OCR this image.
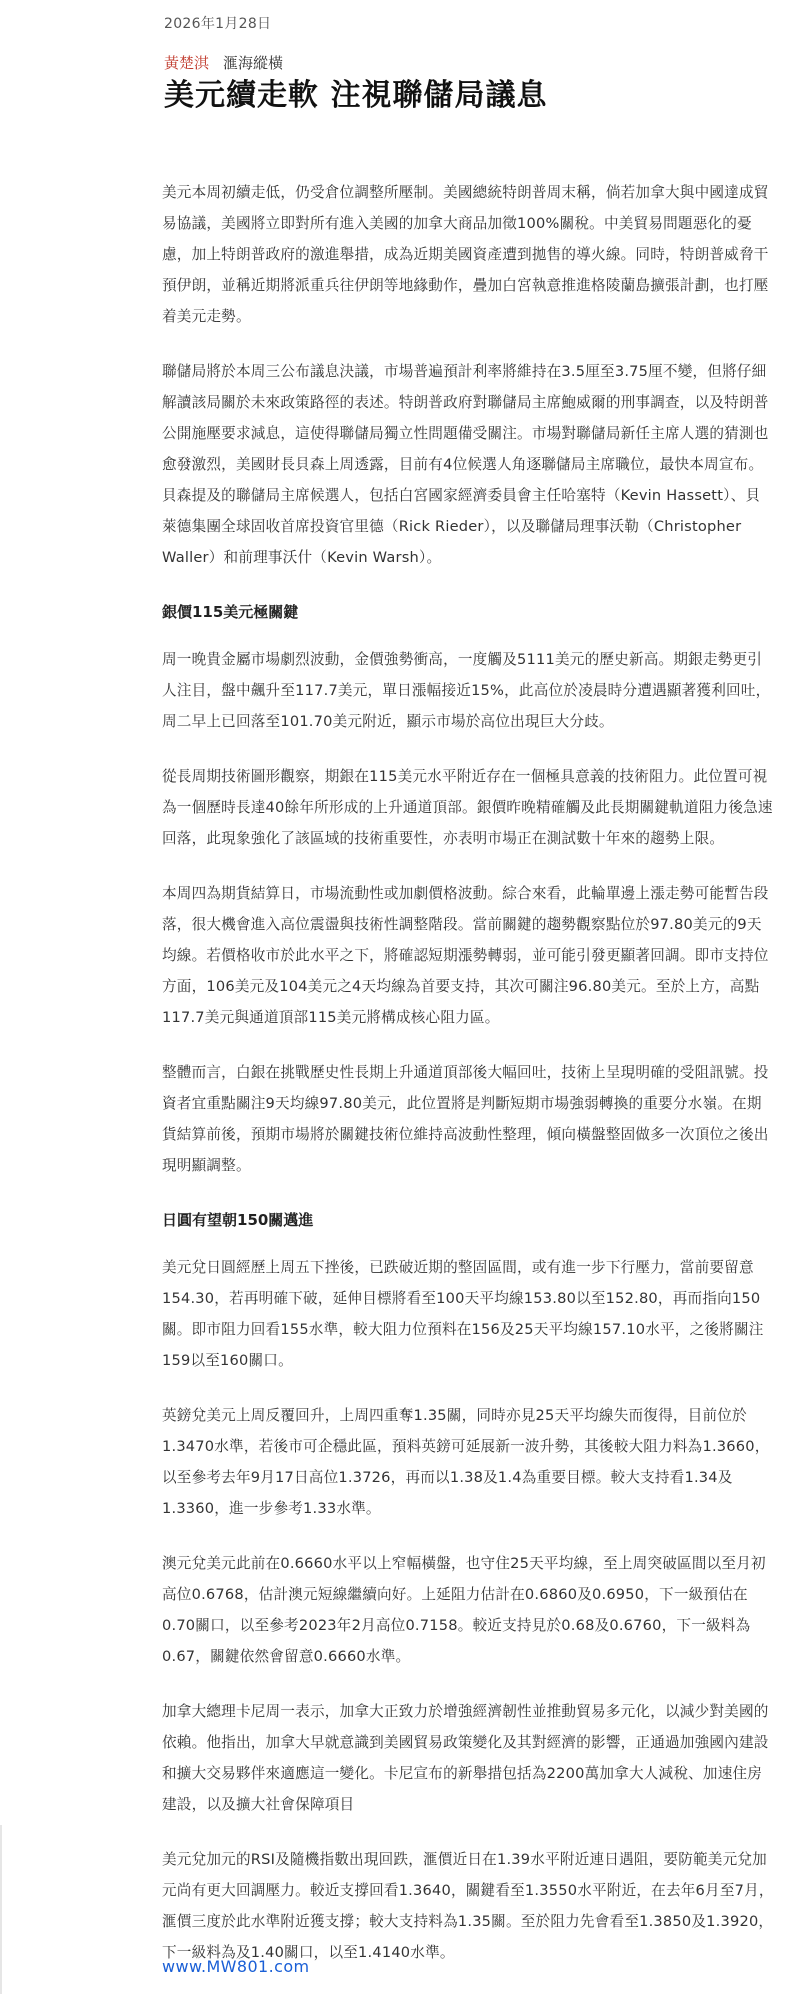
2026年1月28日
黃楚淇 滙海縱橫
美元續走軟 注視聯儲局議息

美元本周初續走低，仍受倉位調整所壓制。美國總統特朗普周末稱，倘若加拿大與中國達成貿易協議，美國將立即對所有進入美國的加拿大商品加徵100%關稅。中美貿易問題惡化的憂慮，加上特朗普政府的激進舉措，成為近期美國資產遭到拋售的導火線。同時，特朗普威脅干預伊朗，並稱近期將派重兵往伊朗等地緣動作，疊加白宮執意推進格陵蘭島擴張計劃，也打壓着美元走勢。

聯儲局將於本周三公布議息決議，市場普遍預計利率將維持在3.5厘至3.75厘不變，但將仔細解讀該局關於未來政策路徑的表述。特朗普政府對聯儲局主席鮑威爾的刑事調查，以及特朗普公開施壓要求減息，這使得聯儲局獨立性問題備受關注。市場對聯儲局新任主席人選的猜測也愈發激烈，美國財長貝森上周透露，目前有4位候選人角逐聯儲局主席職位，最快本周宣布。貝森提及的聯儲局主席候選人，包括白宮國家經濟委員會主任哈塞特（Kevin Hassett）、貝萊德集團全球固收首席投資官里德（Rick Rieder），以及聯儲局理事沃勒（Christopher Waller）和前理事沃什（Kevin Warsh）。

銀價115美元極關鍵

周一晚貴金屬市場劇烈波動，金價強勢衝高，一度觸及5111美元的歷史新高。期銀走勢更引人注目，盤中飆升至117.7美元，單日漲幅接近15%，此高位於凌晨時分遭遇顯著獲利回吐，周二早上已回落至101.70美元附近，顯示市場於高位出現巨大分歧。

從長周期技術圖形觀察，期銀在115美元水平附近存在一個極具意義的技術阻力。此位置可視為一個歷時長達40餘年所形成的上升通道頂部。銀價昨晚精確觸及此長期關鍵軌道阻力後急速回落，此現象強化了該區域的技術重要性，亦表明市場正在測試數十年來的趨勢上限。

本周四為期貨結算日，市場流動性或加劇價格波動。綜合來看，此輪單邊上漲走勢可能暫告段落，很大機會進入高位震盪與技術性調整階段。當前關鍵的趨勢觀察點位於97.80美元的9天均線。若價格收市於此水平之下，將確認短期漲勢轉弱，並可能引發更顯著回調。即市支持位方面，106美元及104美元之4天均線為首要支持，其次可關注96.80美元。至於上方，高點117.7美元與通道頂部115美元將構成核心阻力區。

整體而言，白銀在挑戰歷史性長期上升通道頂部後大幅回吐，技術上呈現明確的受阻訊號。投資者宜重點關注9天均線97.80美元，此位置將是判斷短期市場強弱轉換的重要分水嶺。在期貨結算前後，預期市場將於關鍵技術位維持高波動性整理，傾向橫盤整固做多一次頂位之後出現明顯調整。

日圓有望朝150關邁進

美元兌日圓經歷上周五下挫後，已跌破近期的整固區間，或有進一步下行壓力，當前要留意154.30，若再明確下破，延伸目標將看至100天平均線153.80以至152.80，再而指向150關。即市阻力回看155水準，較大阻力位預料在156及25天平均線157.10水平，之後將關注159以至160關口。

英鎊兌美元上周反覆回升，上周四重奪1.35關，同時亦見25天平均線失而復得，目前位於1.3470水準，若後市可企穩此區，預料英鎊可延展新一波升勢，其後較大阻力料為1.3660，以至參考去年9月17日高位1.3726，再而以1.38及1.4為重要目標。較大支持看1.34及1.3360，進一步參考1.33水準。

澳元兌美元此前在0.6660水平以上窄幅橫盤，也守住25天平均線，至上周突破區間以至月初高位0.6768，估計澳元短線繼續向好。上延阻力估計在0.6860及0.6950，下一級預估在0.70關口，以至參考2023年2月高位0.7158。較近支持見於0.68及0.6760，下一級料為0.67，關鍵依然會留意0.6660水準。

加拿大總理卡尼周一表示，加拿大正致力於增強經濟韌性並推動貿易多元化，以減少對美國的依賴。他指出，加拿大早就意識到美國貿易政策變化及其對經濟的影響，正通過加強國內建設和擴大交易夥伴來適應這一變化。卡尼宣布的新舉措包括為2200萬加拿大人減稅、加速住房建設，以及擴大社會保障項目

美元兌加元的RSI及隨機指數出現回跌，滙價近日在1.39水平附近連日遇阻，要防範美元兌加元尚有更大回調壓力。較近支撐回看1.3640，關鍵看至1.3550水平附近，在去年6月至7月，滙價三度於此水準附近獲支撐；較大支持料為1.35關。至於阻力先會看至1.3850及1.3920，下一級料為及1.40關口，以至1.4140水準。

www.MW801.com
